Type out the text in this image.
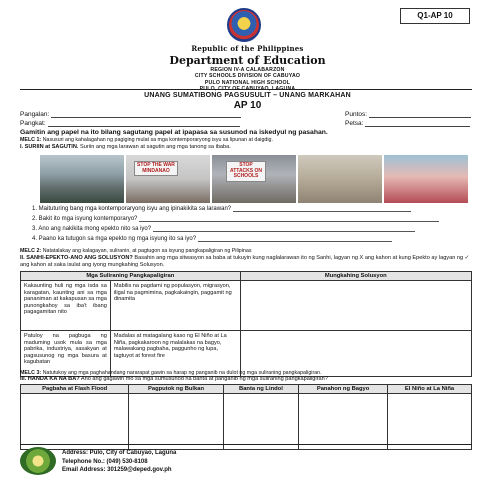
Q1-AP 10
Republic of the Philippines
Department of Education
REGION IV-A CALABARZON
CITY SCHOOLS DIVISION OF CABUYAO
PULO NATIONAL HIGH SCHOOL
PULO, CITY OF CABUYAO, LAGUNA
UNANG SUMATIBONG PAGSUSULIT – UNANG MARKAHAN
AP 10
Pangalan:
Pangkat:
Puntos:
Petsa:
Gamitin ang papel na ito bilang sagutang papel at ipapasa sa susunod na iskedyul ng pasahan.
MELC 1: Nasusuri ang kahalagahan ng pagiging mulat sa mga kontemporaryong isyu sa lipunan at daigdig.
I. SURIIN at SAGUTIN. Suriin ang mga larawan at sagutin ang mga tanong sa ibaba.
STOP THE WAR MINDANAO
STOP ATTACKS ON SCHOOLS
1. Maituturing bang mga kontemporaryong isyu ang ipinakikita sa larawan?
2. Bakit ito mga isyung kontemporaryo?
3. Ano ang nakikita mong epekto nito sa iyo?
4. Paano ka tutugon sa mga epekto ng mga isyung ito sa iyo?
MELC 2: Natatalakay ang kalagayan, suliranin, at pagtugon sa isyung pangkapaligiran ng Pilipinas
II. SANHI-EPEKTO-ANO ANG SOLUSYON? Basahin ang mga sitwasyon sa baba at tukuyin kung naglalarawan ito ng Sanhi, lagyan ng X ang kahon at kung Epekto ay lagyan ng ✓ ang kahon at saka isulat ang iyong mungkahing Solusyon.
Mga Suliraning Pangkapaligiran		Mungkahing Solusyon
Kakaunting huli ng mga isda sa karagatan, kaunting ani sa mga pananiman at kakapusan sa mga punongkahoy sa iba't ibang pagagamitan nito	Mabilis na pagdami ng populasyon, migrasyon, iligal na pagmimina, pagkakaingin, paggamit ng dinamita	
Patuloy na pagbuga ng maduming usok mula sa mga pabrika, industriya, sasakyan at pagsusunog ng mga basura at kagubatan	Madalas at matagalang kaso ng El Niño at La Niña, pagkakaroon ng malalakas na bagyo, malawakang pagbaha, paggunho ng lupa, tagtuyot at forest fire	
MELC 3: Natutukoy ang mga paghahandang nararapat gawin sa harap ng panganib na dulot ng mga suliraning pangkapaligiran.
III. HANDA KA NA BA? Ano ang gagawin mo sa mga sumusunod na banta at panganib ng mga suliraning pangkapaligiran?
Pagbaha at Flash Flood	Pagputok ng Bulkan	Banta ng Lindol	Panahon ng Bagyo	El Niño at La Niña

Address: Pulo, City of Cabuyao, Laguna
Telephone No.: (049) 530-8108
Email Address: 301259@deped.gov.ph
